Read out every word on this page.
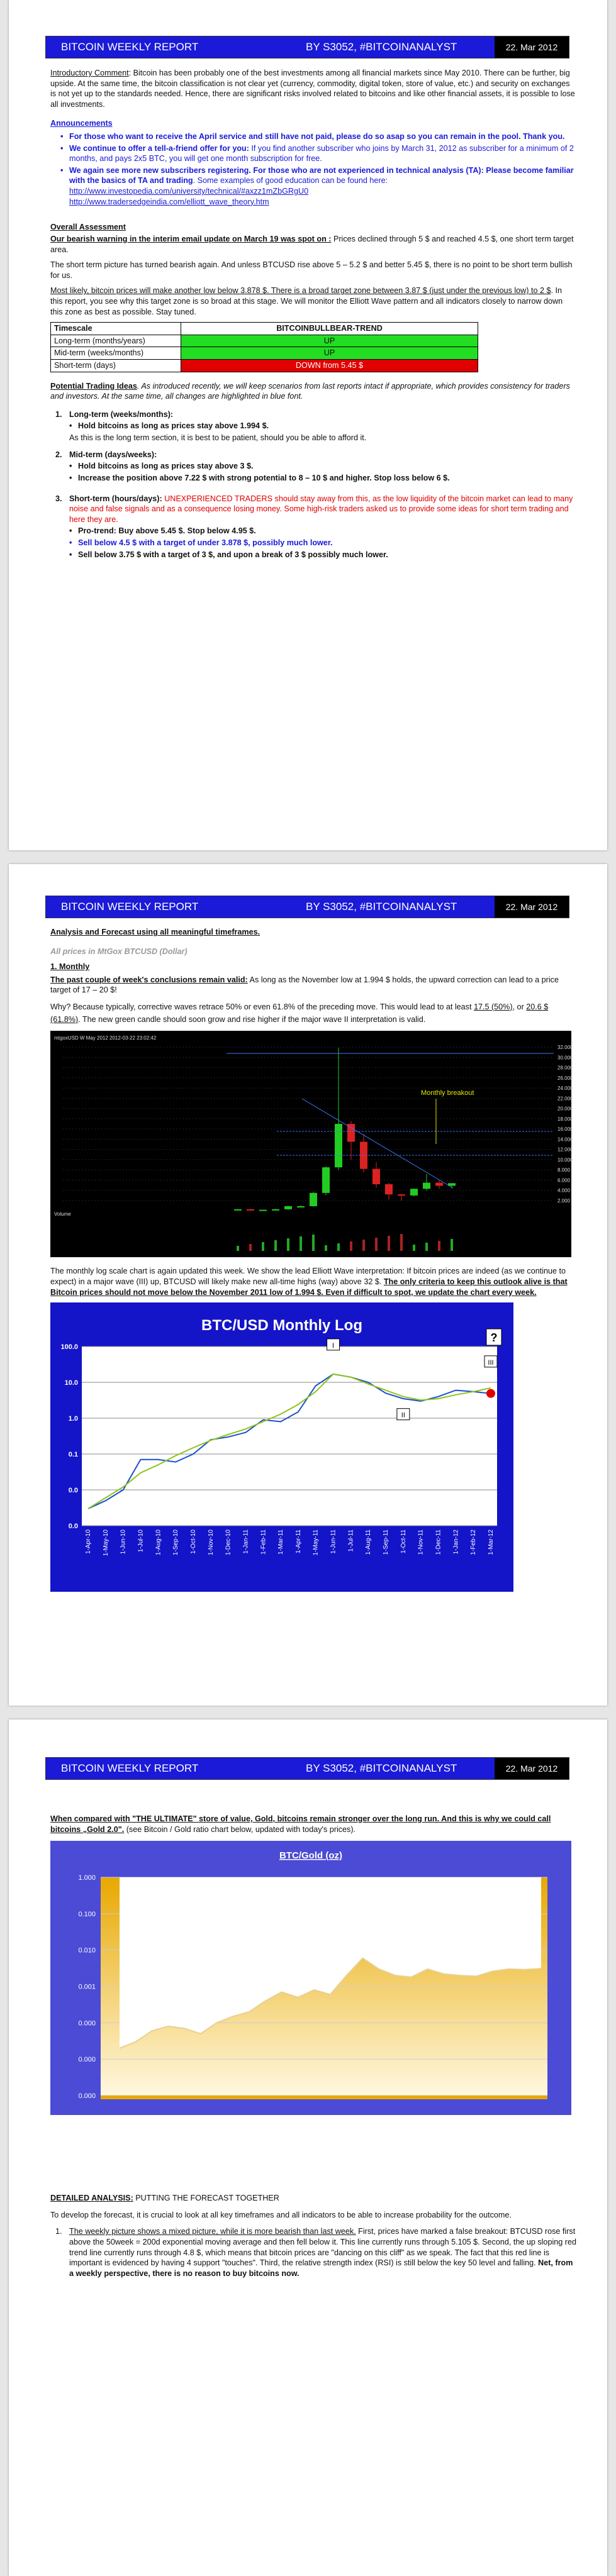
BITCOIN WEEKLY REPORT	BY S3052, #BITCOINANALYST	22. Mar 2012

Introductory Comment: Bitcoin has been probably one of the best investments among all financial markets since May 2010. There can be further, big upside. At the same time, the bitcoin classification is not clear yet (currency, commodity, digital token, store of value, etc.) and security on exchanges is not yet up to the standards needed. Hence, there are significant risks involved related to bitcoins and like other financial assets, it is possible to lose all investments.

Announcements
• For those who want to receive the April service and still have not paid, please do so asap so you can remain in the pool. Thank you.
• We continue to offer a tell-a-friend offer for you: If you find another subscriber who joins by March 31, 2012 as subscriber for a minimum of 2 months, and pays 2x5 BTC, you will get one month subscription for free.
• We again see more new subscribers registering. For those who are not experienced in technical analysis (TA): Please become familiar with the basics of TA and trading. Some examples of good education can be found here:
http://www.investopedia.com/university/technical/#axzz1mZbGRgU0
http://www.tradersedgeindia.com/elliott_wave_theory.htm
Overall Assessment

Our bearish warning in the interim email update on March 19 was spot on : Prices declined through 5 $ and reached 4.5 $, one short term target area.

The short term picture has turned bearish again. And unless BTCUSD rise above 5 – 5.2 $ and better 5.45 $, there is no point to be short term bullish for us.

Most likely, bitcoin prices will make another low below 3.878 $. There is a broad target zone between 3.87 $ (just under the previous low) to 2 $. In this report, you see why this target zone is so broad at this stage. We will monitor the Elliott Wave pattern and all indicators closely to narrow down this zone as best as possible. Stay tuned.

Timescale	BITCOINBULLBEAR-TREND
Long-term (months/years)	UP
Mid-term (weeks/months)	UP
Short-term (days)	DOWN from 5.45 $

Potential Trading Ideas. As introduced recently, we will keep scenarios from last reports intact if appropriate, which provides consistency for traders and investors. At the same time, all changes are highlighted in blue font.

1. Long-term (weeks/months):
• Hold bitcoins as long as prices stay above 1.994 $.
As this is the long term section, it is best to be patient, should you be able to afford it.
2. Mid-term (days/weeks):
• Hold bitcoins as long as prices stay above 3 $.
• Increase the position above 7.22 $ with strong potential to 8 – 10 $ and higher. Stop loss below 6 $.
3. Short-term (hours/days): UNEXPERIENCED TRADERS should stay away from this, as the low liquidity of the bitcoin market can lead to many noise and false signals and as a consequence losing money. Some high-risk traders asked us to provide some ideas for short term trading and here they are.
• Pro-trend: Buy above 5.45 $. Stop below 4.95 $.
• Sell below 4.5 $ with a target of under 3.878 $, possibly much lower.
• Sell below 3.75 $ with a target of 3 $, and upon a break of 3 $ possibly much lower.
BITCOIN WEEKLY REPORT	BY S3052, #BITCOINANALYST	22. Mar 2012

Analysis and Forecast using all meaningful timeframes.

All prices in MtGox BTCUSD (Dollar)

1. Monthly

The past couple of week's conclusions remain valid: As long as the November low at 1.994 $ holds, the upward correction can lead to a price target of 17 – 20 $!

Why? Because typically, corrective waves retrace 50% or even 61.8% of the preceding move. This would lead to at least 17.5 (50%), or 20.6 $ (61.8%). The new green candle should soon grow and rise higher if the major wave II interpretation is valid.

mtgoxUSD W May 2012 2012-03-22 23:02:42
Monthly breakout
Volume
32.000
30.000
28.000
26.000
24.000
22.000
20.000
18.000
16.000
14.000
12.000
10.000
8.000
6.000
4.000
2.000

The monthly log scale chart is again updated this week. We show the lead Elliott Wave interpretation: If bitcoin prices are indeed (as we continue to expect) in a major wave (III) up, BTCUSD will likely make new all-time highs (way) above 32 $. The only criteria to keep this outlook alive is that Bitcoin prices should not move below the November 2011 low of 1.994 $. Even if difficult to spot, we update the chart every week.

BTC/USD Monthly Log
100.0
10.0
1.0
0.1
0.0
0.0
1-Apr-10 1-May-10 1-Jun-10 1-Jul-10 1-Aug-10 1-Sep-10 1-Oct-10 1-Nov-10 1-Dec-10 1-Jan-11 1-Feb-11 1-Mar-11 1-Apr-11 1-May-11 1-Jun-11 1-Jul-11 1-Aug-11 1-Sep-11 1-Oct-11 1-Nov-11 1-Dec-11 1-Jan-12 1-Feb-12 1-Mar-12
I
II
III
?
BITCOIN WEEKLY REPORT	BY S3052, #BITCOINANALYST	22. Mar 2012

When compared with "THE ULTIMATE" store of value, Gold, bitcoins remain stronger over the long run. And this is why we could call bitcoins „Gold 2.0". (see Bitcoin / Gold ratio chart below, updated with today's prices).

BTC/Gold (oz)
1.000
0.100
0.010
0.001
0.000
0.000
0.000

DETAILED ANALYSIS: PUTTING THE FORECAST TOGETHER

To develop the forecast, it is crucial to look at all key timeframes and all indicators to be able to increase probability for the outcome.

1. The weekly picture shows a mixed picture, while it is more bearish than last week. First, prices have marked a false breakout: BTCUSD rose first above the 50week = 200d exponential moving average and then fell below it. This line currently runs through 5.105 $. Second, the up sloping red trend line currently runs through 4.8 $, which means that bitcoin prices are "dancing on this cliff" as we speak. The fact that this red line is important is evidenced by having 4 support "touches". Third, the relative strength index (RSI) is still below the key 50 level and falling. Net, from a weekly perspective, there is no reason to buy bitcoins now.
